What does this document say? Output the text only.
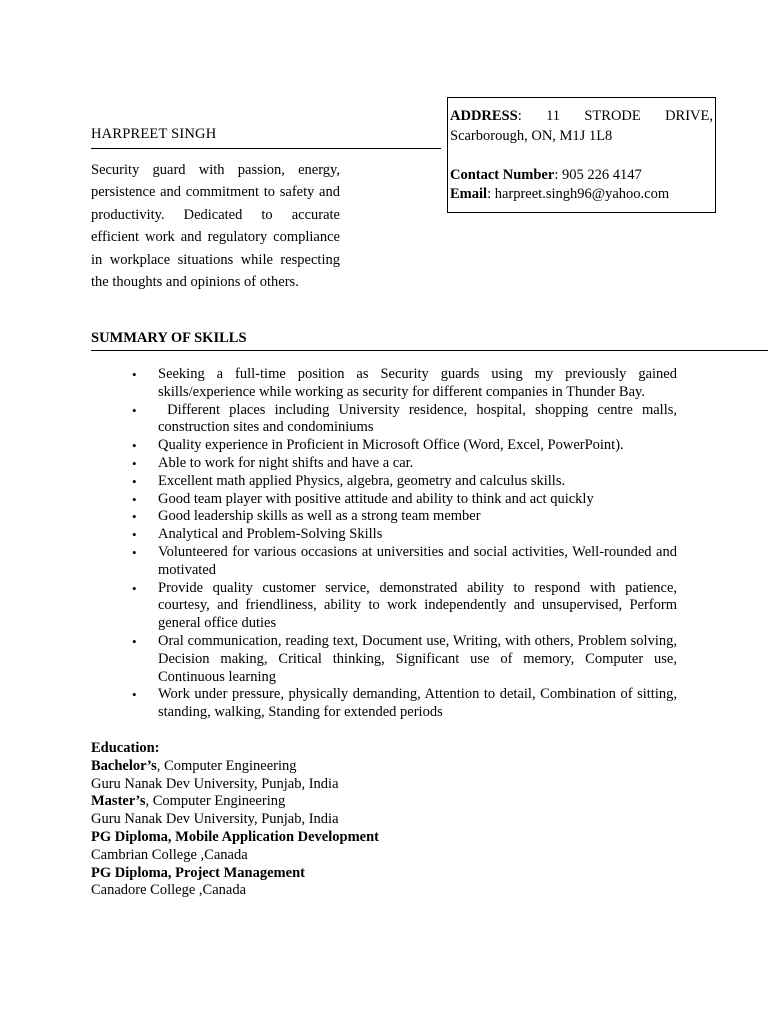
HARPREET SINGH

Security guard with passion, energy, persistence and commitment to safety and productivity. Dedicated to accurate efficient work and regulatory compliance in workplace situations while respecting the thoughts and opinions of others.

ADDRESS: 11 STRODE DRIVE,
Scarborough, ON, M1J 1L8
Contact Number: 905 226 4147
Email: harpreet.singh96@yahoo.com
SUMMARY OF SKILLS
• Seeking a full-time position as Security guards using my previously gained skills/experience while working as security for different companies in Thunder Bay.
• Different places including University residence, hospital, shopping centre malls, construction sites and condominiums
• Quality experience in Proficient in Microsoft Office (Word, Excel, PowerPoint).
• Able to work for night shifts and have a car.
• Excellent math applied Physics, algebra, geometry and calculus skills.
• Good team player with positive attitude and ability to think and act quickly
• Good leadership skills as well as a strong team member
• Analytical and Problem-Solving Skills
• Volunteered for various occasions at universities and social activities, Well-rounded and motivated
• Provide quality customer service, demonstrated ability to respond with patience, courtesy, and friendliness, ability to work independently and unsupervised, Perform general office duties
• Oral communication, reading text, Document use, Writing, with others, Problem solving, Decision making, Critical thinking, Significant use of memory, Computer use, Continuous learning
• Work under pressure, physically demanding, Attention to detail, Combination of sitting, standing, walking, Standing for extended periods
Education:
Bachelor’s, Computer Engineering
Guru Nanak Dev University, Punjab, India
Master’s, Computer Engineering
Guru Nanak Dev University, Punjab, India
PG Diploma, Mobile Application Development
Cambrian College ,Canada
PG Diploma, Project Management
Canadore College ,Canada
